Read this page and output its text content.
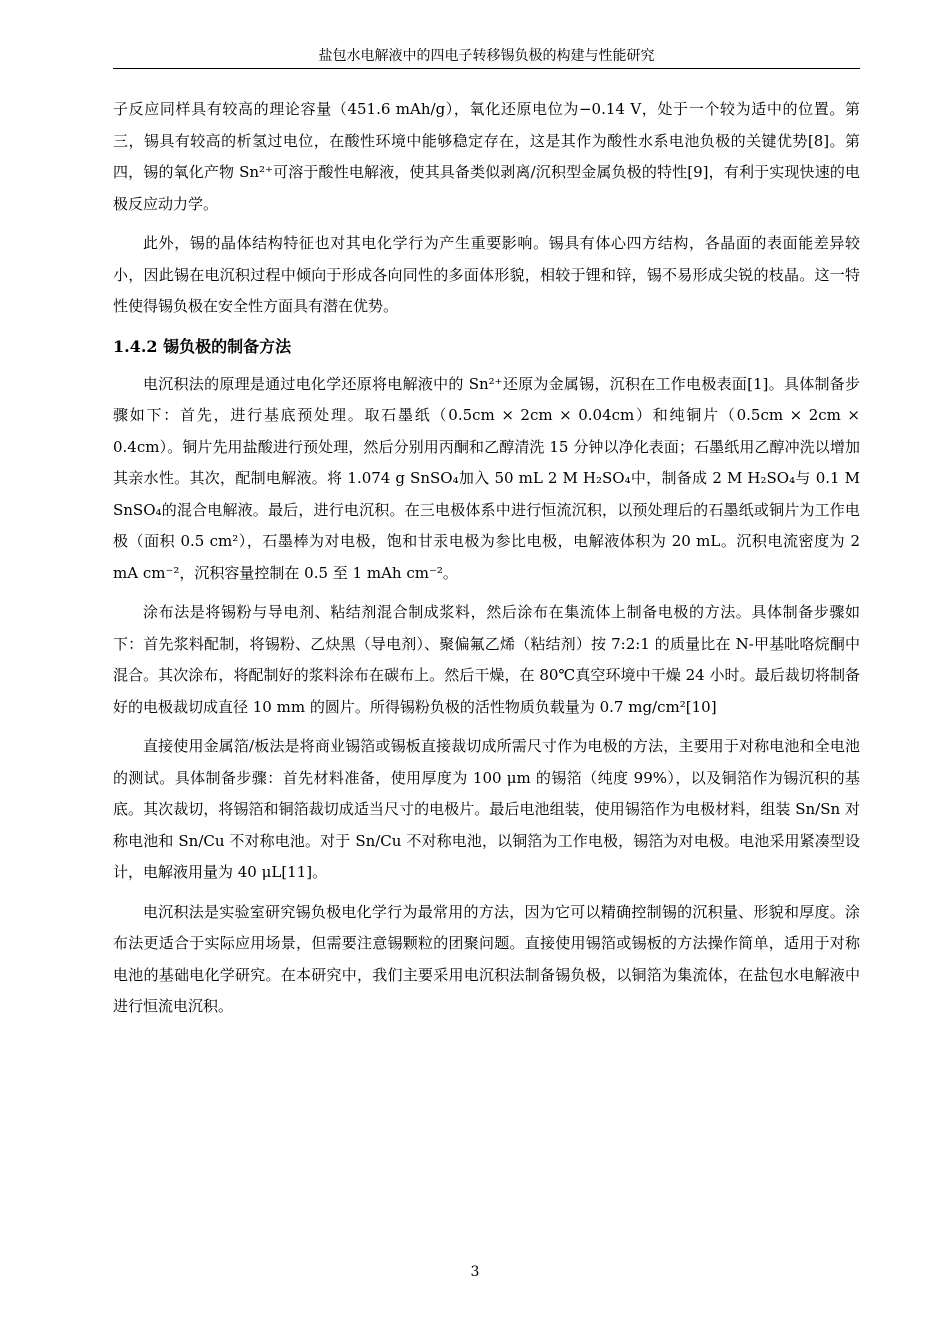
盐包水电解液中的四电子转移锡负极的构建与性能研究

子反应同样具有较高的理论容量（451.6 mAh/g），氧化还原电位为−0.14 V，处于一个较为适中的位置。第三，锡具有较高的析氢过电位，在酸性环境中能够稳定存在，这是其作为酸性水系电池负极的关键优势[8]。第四，锡的氧化产物 Sn²⁺可溶于酸性电解液，使其具备类似剥离/沉积型金属负极的特性[9]，有利于实现快速的电极反应动力学。

此外，锡的晶体结构特征也对其电化学行为产生重要影响。锡具有体心四方结构，各晶面的表面能差异较小，因此锡在电沉积过程中倾向于形成各向同性的多面体形貌，相较于锂和锌，锡不易形成尖锐的枝晶。这一特性使得锡负极在安全性方面具有潜在优势。

1.4.2 锡负极的制备方法

电沉积法的原理是通过电化学还原将电解液中的 Sn²⁺还原为金属锡，沉积在工作电极表面[1]。具体制备步骤如下：首先，进行基底预处理。取石墨纸（0.5cm × 2cm × 0.04cm）和纯铜片（0.5cm × 2cm × 0.4cm）。铜片先用盐酸进行预处理，然后分别用丙酮和乙醇清洗 15 分钟以净化表面；石墨纸用乙醇冲洗以增加其亲水性。其次，配制电解液。将 1.074 g SnSO₄加入 50 mL 2 M H₂SO₄中，制备成 2 M H₂SO₄与 0.1 M SnSO₄的混合电解液。最后，进行电沉积。在三电极体系中进行恒流沉积，以预处理后的石墨纸或铜片为工作电极（面积 0.5 cm²），石墨棒为对电极，饱和甘汞电极为参比电极，电解液体积为 20 mL。沉积电流密度为 2 mA cm⁻²，沉积容量控制在 0.5 至 1 mAh cm⁻²。

涂布法是将锡粉与导电剂、粘结剂混合制成浆料，然后涂布在集流体上制备电极的方法。具体制备步骤如下：首先浆料配制，将锡粉、乙炔黑（导电剂）、聚偏氟乙烯（粘结剂）按 7:2:1 的质量比在 N-甲基吡咯烷酮中混合。其次涂布，将配制好的浆料涂布在碳布上。然后干燥，在 80℃真空环境中干燥 24 小时。最后裁切将制备好的电极裁切成直径 10 mm 的圆片。所得锡粉负极的活性物质负载量为 0.7 mg/cm²[10]

直接使用金属箔/板法是将商业锡箔或锡板直接裁切成所需尺寸作为电极的方法，主要用于对称电池和全电池的测试。具体制备步骤：首先材料准备，使用厚度为 100 μm 的锡箔（纯度 99%），以及铜箔作为锡沉积的基底。其次裁切，将锡箔和铜箔裁切成适当尺寸的电极片。最后电池组装，使用锡箔作为电极材料，组装 Sn/Sn 对称电池和 Sn/Cu 不对称电池。对于 Sn/Cu 不对称电池，以铜箔为工作电极，锡箔为对电极。电池采用紧凑型设计，电解液用量为 40 μL[11]。

电沉积法是实验室研究锡负极电化学行为最常用的方法，因为它可以精确控制锡的沉积量、形貌和厚度。涂布法更适合于实际应用场景，但需要注意锡颗粒的团聚问题。直接使用锡箔或锡板的方法操作简单，适用于对称电池的基础电化学研究。在本研究中，我们主要采用电沉积法制备锡负极，以铜箔为集流体，在盐包水电解液中进行恒流电沉积。

3
